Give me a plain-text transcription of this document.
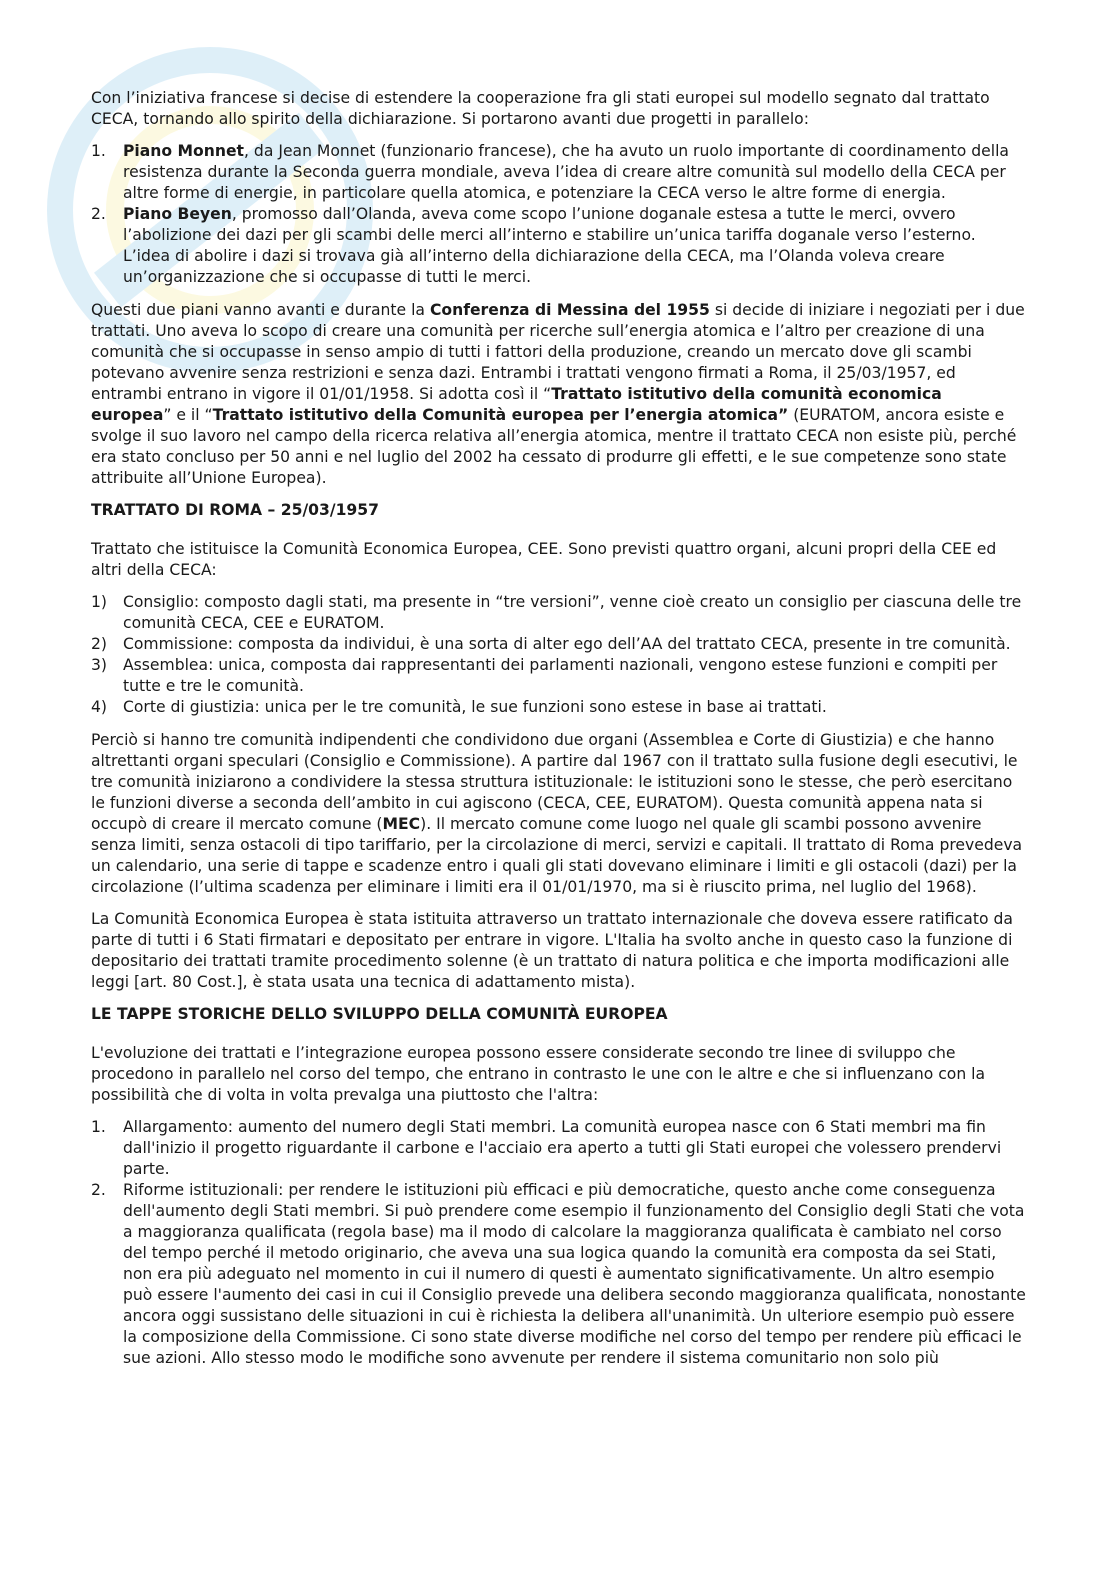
Con l’iniziativa francese si decise di estendere la cooperazione fra gli stati europei sul modello segnato dal trattato CECA, tornando allo spirito della dichiarazione. Si portarono avanti due progetti in parallelo:

1. Piano Monnet, da Jean Monnet (funzionario francese), che ha avuto un ruolo importante di coordinamento della resistenza durante la Seconda guerra mondiale, aveva l’idea di creare altre comunità sul modello della CECA per altre forme di energie, in particolare quella atomica, e potenziare la CECA verso le altre forme di energia.
2. Piano Beyen, promosso dall’Olanda, aveva come scopo l’unione doganale estesa a tutte le merci, ovvero l’abolizione dei dazi per gli scambi delle merci all’interno e stabilire un’unica tariffa doganale verso l’esterno. L’idea di abolire i dazi si trovava già all’interno della dichiarazione della CECA, ma l’Olanda voleva creare un’organizzazione che si occupasse di tutti le merci.

Questi due piani vanno avanti e durante la Conferenza di Messina del 1955 si decide di iniziare i negoziati per i due trattati. Uno aveva lo scopo di creare una comunità per ricerche sull’energia atomica e l’altro per creazione di una comunità che si occupasse in senso ampio di tutti i fattori della produzione, creando un mercato dove gli scambi potevano avvenire senza restrizioni e senza dazi. Entrambi i trattati vengono firmati a Roma, il 25/03/1957, ed entrambi entrano in vigore il 01/01/1958. Si adotta così il “Trattato istitutivo della comunità economica europea” e il “Trattato istitutivo della Comunità europea per l’energia atomica” (EURATOM, ancora esiste e svolge il suo lavoro nel campo della ricerca relativa all’energia atomica, mentre il trattato CECA non esiste più, perché era stato concluso per 50 anni e nel luglio del 2002 ha cessato di produrre gli effetti, e le sue competenze sono state attribuite all’Unione Europea).

TRATTATO DI ROMA – 25/03/1957

Trattato che istituisce la Comunità Economica Europea, CEE. Sono previsti quattro organi, alcuni propri della CEE ed altri della CECA:

1) Consiglio: composto dagli stati, ma presente in “tre versioni”, venne cioè creato un consiglio per ciascuna delle tre comunità CECA, CEE e EURATOM.
2) Commissione: composta da individui, è una sorta di alter ego dell’AA del trattato CECA, presente in tre comunità.
3) Assemblea: unica, composta dai rappresentanti dei parlamenti nazionali, vengono estese funzioni e compiti per tutte e tre le comunità.
4) Corte di giustizia: unica per le tre comunità, le sue funzioni sono estese in base ai trattati.

Perciò si hanno tre comunità indipendenti che condividono due organi (Assemblea e Corte di Giustizia) e che hanno altrettanti organi speculari (Consiglio e Commissione). A partire dal 1967 con il trattato sulla fusione degli esecutivi, le tre comunità iniziarono a condividere la stessa struttura istituzionale: le istituzioni sono le stesse, che però esercitano le funzioni diverse a seconda dell’ambito in cui agiscono (CECA, CEE, EURATOM). Questa comunità appena nata si occupò di creare il mercato comune (MEC). Il mercato comune come luogo nel quale gli scambi possono avvenire senza limiti, senza ostacoli di tipo tariffario, per la circolazione di merci, servizi e capitali. Il trattato di Roma prevedeva un calendario, una serie di tappe e scadenze entro i quali gli stati dovevano eliminare i limiti e gli ostacoli (dazi) per la circolazione (l’ultima scadenza per eliminare i limiti era il 01/01/1970, ma si è riuscito prima, nel luglio del 1968).

La Comunità Economica Europea è stata istituita attraverso un trattato internazionale che doveva essere ratificato da parte di tutti i 6 Stati firmatari e depositato per entrare in vigore. L'Italia ha svolto anche in questo caso la funzione di depositario dei trattati tramite procedimento solenne (è un trattato di natura politica e che importa modificazioni alle leggi [art. 80 Cost.], è stata usata una tecnica di adattamento mista).

LE TAPPE STORICHE DELLO SVILUPPO DELLA COMUNITÀ EUROPEA

L'evoluzione dei trattati e l’integrazione europea possono essere considerate secondo tre linee di sviluppo che procedono in parallelo nel corso del tempo, che entrano in contrasto le une con le altre e che si influenzano con la possibilità che di volta in volta prevalga una piuttosto che l'altra:

1. Allargamento: aumento del numero degli Stati membri. La comunità europea nasce con 6 Stati membri ma fin dall'inizio il progetto riguardante il carbone e l'acciaio era aperto a tutti gli Stati europei che volessero prendervi parte.
2. Riforme istituzionali: per rendere le istituzioni più efficaci e più democratiche, questo anche come conseguenza dell'aumento degli Stati membri. Si può prendere come esempio il funzionamento del Consiglio degli Stati che vota a maggioranza qualificata (regola base) ma il modo di calcolare la maggioranza qualificata è cambiato nel corso del tempo perché il metodo originario, che aveva una sua logica quando la comunità era composta da sei Stati, non era più adeguato nel momento in cui il numero di questi è aumentato significativamente. Un altro esempio può essere l'aumento dei casi in cui il Consiglio prevede una delibera secondo maggioranza qualificata, nonostante ancora oggi sussistano delle situazioni in cui è richiesta la delibera all'unanimità. Un ulteriore esempio può essere la composizione della Commissione. Ci sono state diverse modifiche nel corso del tempo per rendere più efficaci le sue azioni. Allo stesso modo le modifiche sono avvenute per rendere il sistema comunitario non solo più
